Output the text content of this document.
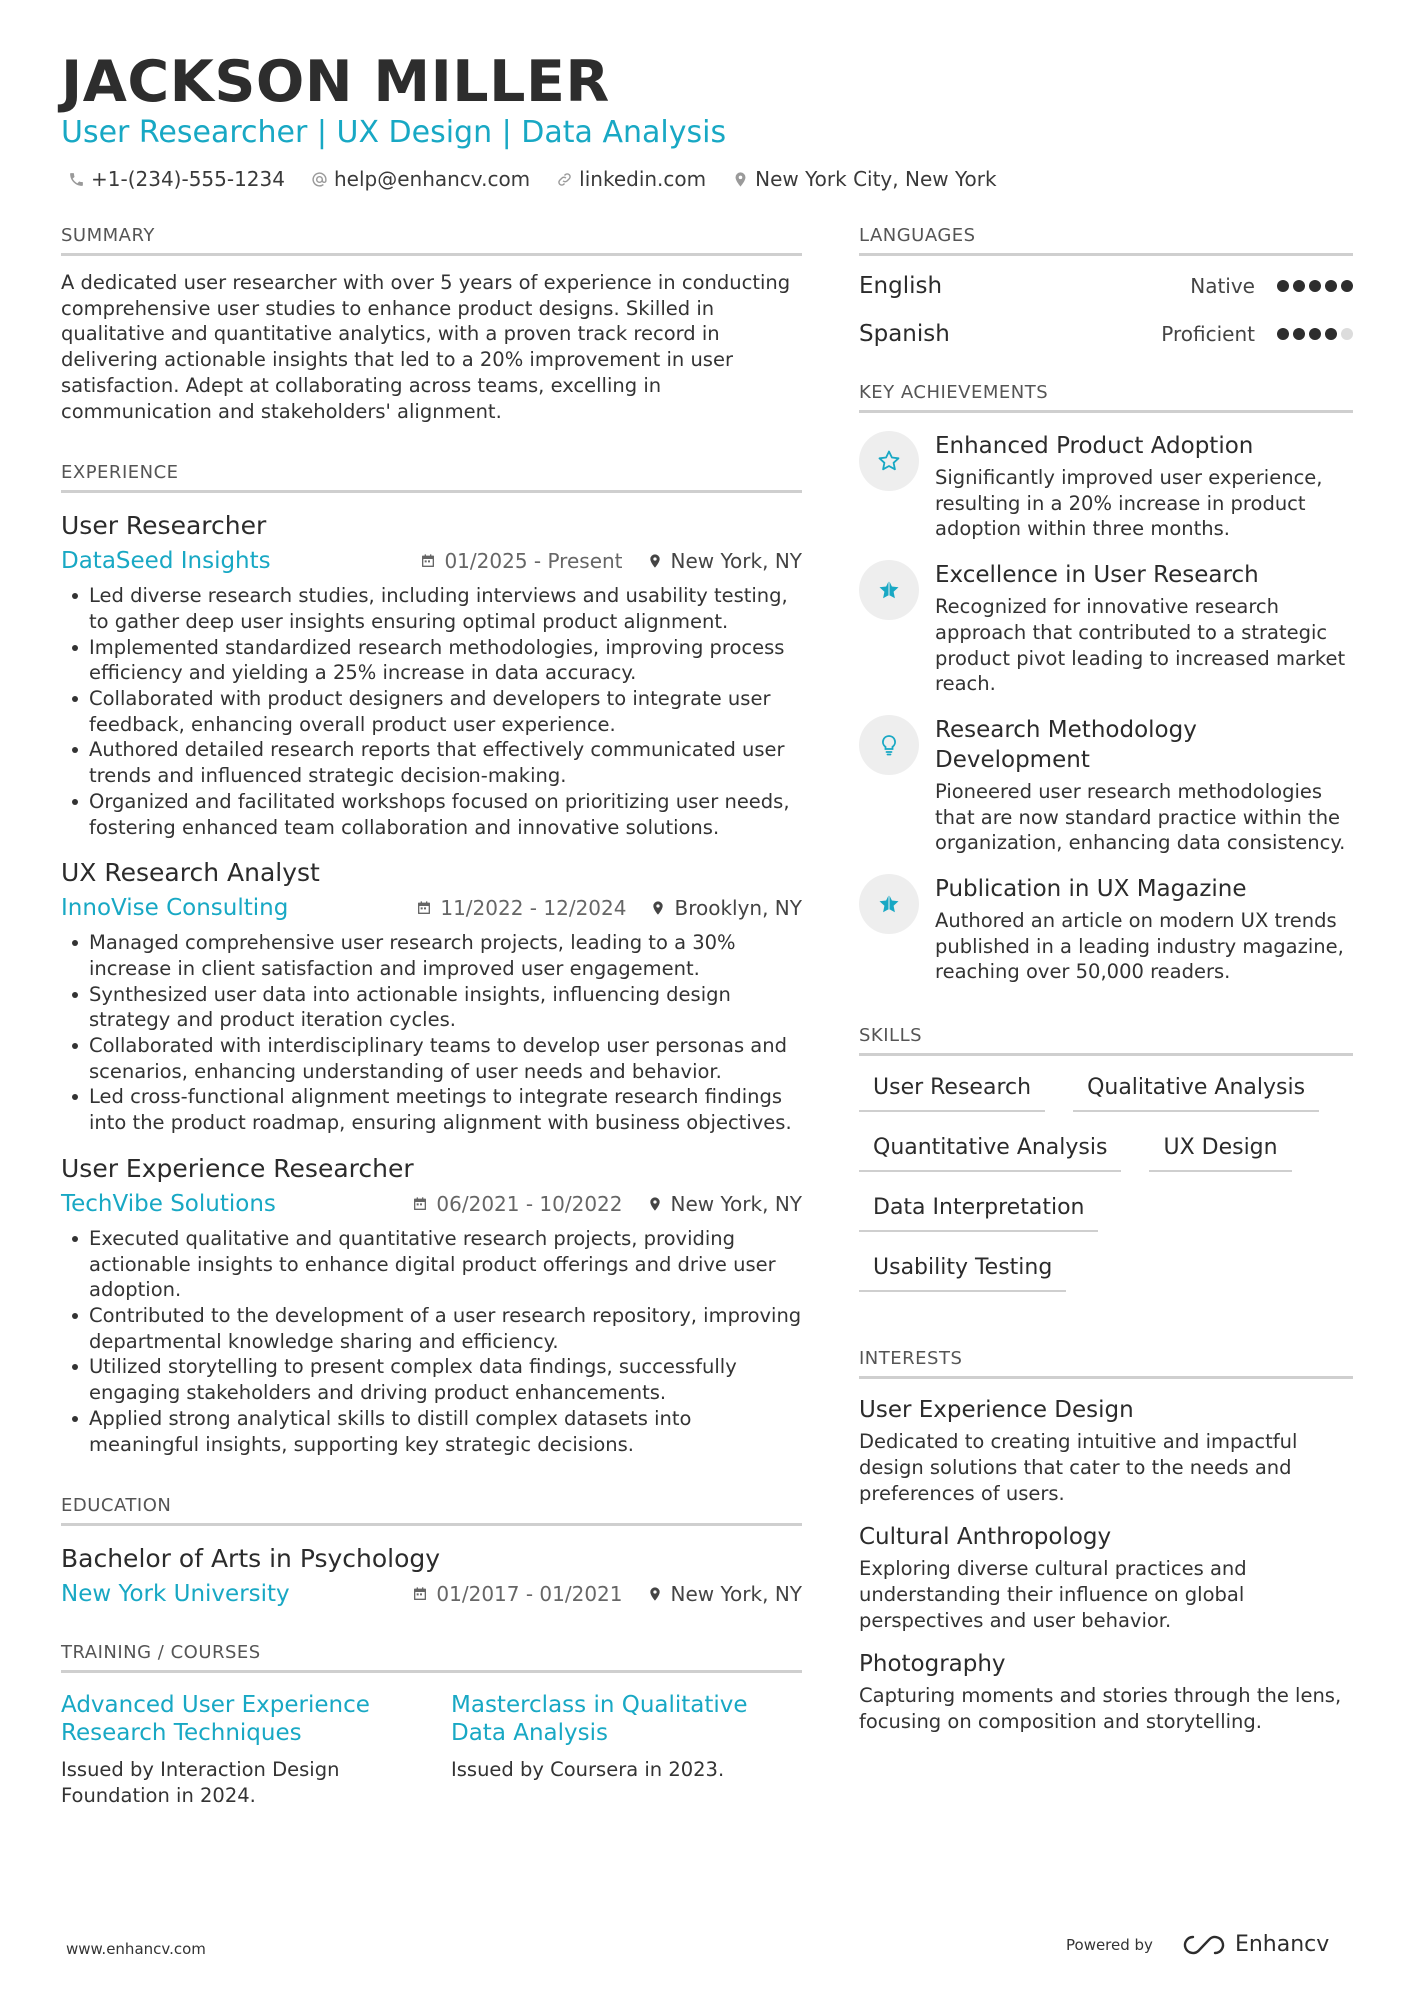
JACKSON MILLER
User Researcher | UX Design | Data Analysis
+1-(234)-555-1234 help@enhancv.com linkedin.com New York City, New York
SUMMARY

A dedicated user researcher with over 5 years of experience in conducting comprehensive user studies to enhance product designs. Skilled in qualitative and quantitative analytics, with a proven track record in delivering actionable insights that led to a 20% improvement in user satisfaction. Adept at collaborating across teams, excelling in communication and stakeholders' alignment.

EXPERIENCE
User Researcher
DataSeed Insights	01/2025 - Present New York, NY
Led diverse research studies, including interviews and usability testing, to gather deep user insights ensuring optimal product alignment.
Implemented standardized research methodologies, improving process efficiency and yielding a 25% increase in data accuracy.
Collaborated with product designers and developers to integrate user feedback, enhancing overall product user experience.
Authored detailed research reports that effectively communicated user trends and influenced strategic decision-making.
Organized and facilitated workshops focused on prioritizing user needs, fostering enhanced team collaboration and innovative solutions.
UX Research Analyst
InnoVise Consulting	11/2022 - 12/2024 Brooklyn, NY
Managed comprehensive user research projects, leading to a 30% increase in client satisfaction and improved user engagement.
Synthesized user data into actionable insights, influencing design strategy and product iteration cycles.
Collaborated with interdisciplinary teams to develop user personas and scenarios, enhancing understanding of user needs and behavior.
Led cross-functional alignment meetings to integrate research findings into the product roadmap, ensuring alignment with business objectives.
User Experience Researcher
TechVibe Solutions	06/2021 - 10/2022 New York, NY
Executed qualitative and quantitative research projects, providing actionable insights to enhance digital product offerings and drive user adoption.
Contributed to the development of a user research repository, improving departmental knowledge sharing and efficiency.
Utilized storytelling to present complex data findings, successfully engaging stakeholders and driving product enhancements.
Applied strong analytical skills to distill complex datasets into meaningful insights, supporting key strategic decisions.
EDUCATION
Bachelor of Arts in Psychology
New York University	01/2017 - 01/2021 New York, NY
TRAINING / COURSES
Advanced User Experience Research Techniques
Issued by Interaction Design Foundation in 2024.
Masterclass in Qualitative Data Analysis
Issued by Coursera in 2023.
LANGUAGES
English	Native
Spanish	Proficient
KEY ACHIEVEMENTS
Enhanced Product Adoption
Significantly improved user experience, resulting in a 20% increase in product adoption within three months.
Excellence in User Research
Recognized for innovative research approach that contributed to a strategic product pivot leading to increased market reach.
Research Methodology Development
Pioneered user research methodologies that are now standard practice within the organization, enhancing data consistency.
Publication in UX Magazine
Authored an article on modern UX trends published in a leading industry magazine, reaching over 50,000 readers.
SKILLS
User Research	Qualitative Analysis
Quantitative Analysis	UX Design
Data Interpretation
Usability Testing
INTERESTS
User Experience Design
Dedicated to creating intuitive and impactful design solutions that cater to the needs and preferences of users.
Cultural Anthropology
Exploring diverse cultural practices and understanding their influence on global perspectives and user behavior.
Photography
Capturing moments and stories through the lens, focusing on composition and storytelling.
www.enhancv.com	Powered by	Enhancv
